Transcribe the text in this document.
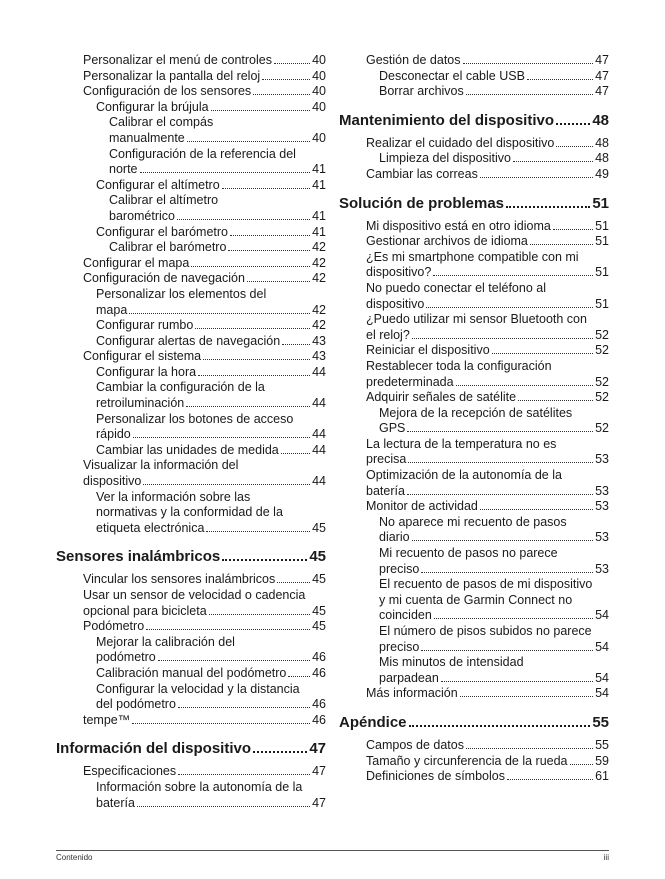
Personalizar el menú de controles	40
Personalizar la pantalla del reloj	40
Configuración de los sensores	40
Configurar la brújula	40
Calibrar el compás
manualmente	40
Configuración de la referencia del
norte	41
Configurar el altímetro	41
Calibrar el altímetro
barométrico	41
Configurar el barómetro	41
Calibrar el barómetro	42
Configurar el mapa	42
Configuración de navegación	42
Personalizar los elementos del
mapa	42
Configurar rumbo	42
Configurar alertas de navegación	43
Configurar el sistema	43
Configurar la hora	44
Cambiar la configuración de la
retroiluminación	44
Personalizar los botones de acceso
rápido	44
Cambiar las unidades de medida	44
Visualizar la información del
dispositivo	44
Ver la información sobre las
normativas y la conformidad de la
etiqueta electrónica	45
Sensores inalámbricos	45
Vincular los sensores inalámbricos	45
Usar un sensor de velocidad o cadencia
opcional para bicicleta	45
Podómetro	45
Mejorar la calibración del
podómetro	46
Calibración manual del podómetro 46
Configurar la velocidad y la distancia
del podómetro	46
tempe™	46
Información del dispositivo	47
Especificaciones	47
Información sobre la autonomía de la
batería	47
Gestión de datos	47
Desconectar el cable USB	47
Borrar archivos	47
Mantenimiento del dispositivo	48
Realizar el cuidado del dispositivo	48
Limpieza del dispositivo	48
Cambiar las correas	49
Solución de problemas	51
Mi dispositivo está en otro idioma	51
Gestionar archivos de idioma	51
¿Es mi smartphone compatible con mi
dispositivo?	51
No puedo conectar el teléfono al
dispositivo	51
¿Puedo utilizar mi sensor Bluetooth con
el reloj?	52
Reiniciar el dispositivo	52
Restablecer toda la configuración
predeterminada	52
Adquirir señales de satélite	52
Mejora de la recepción de satélites
GPS	52
La lectura de la temperatura no es
precisa	53
Optimización de la autonomía de la
batería	53
Monitor de actividad	53
No aparece mi recuento de pasos
diario	53
Mi recuento de pasos no parece
preciso	53
El recuento de pasos de mi dispositivo
y mi cuenta de Garmin Connect no
coinciden	54
El número de pisos subidos no parece
preciso	54
Mis minutos de intensidad
parpadean	54
Más información	54
Apéndice	55
Campos de datos	55
Tamaño y circunferencia de la rueda 59
Definiciones de símbolos	61
Contenido	iii
